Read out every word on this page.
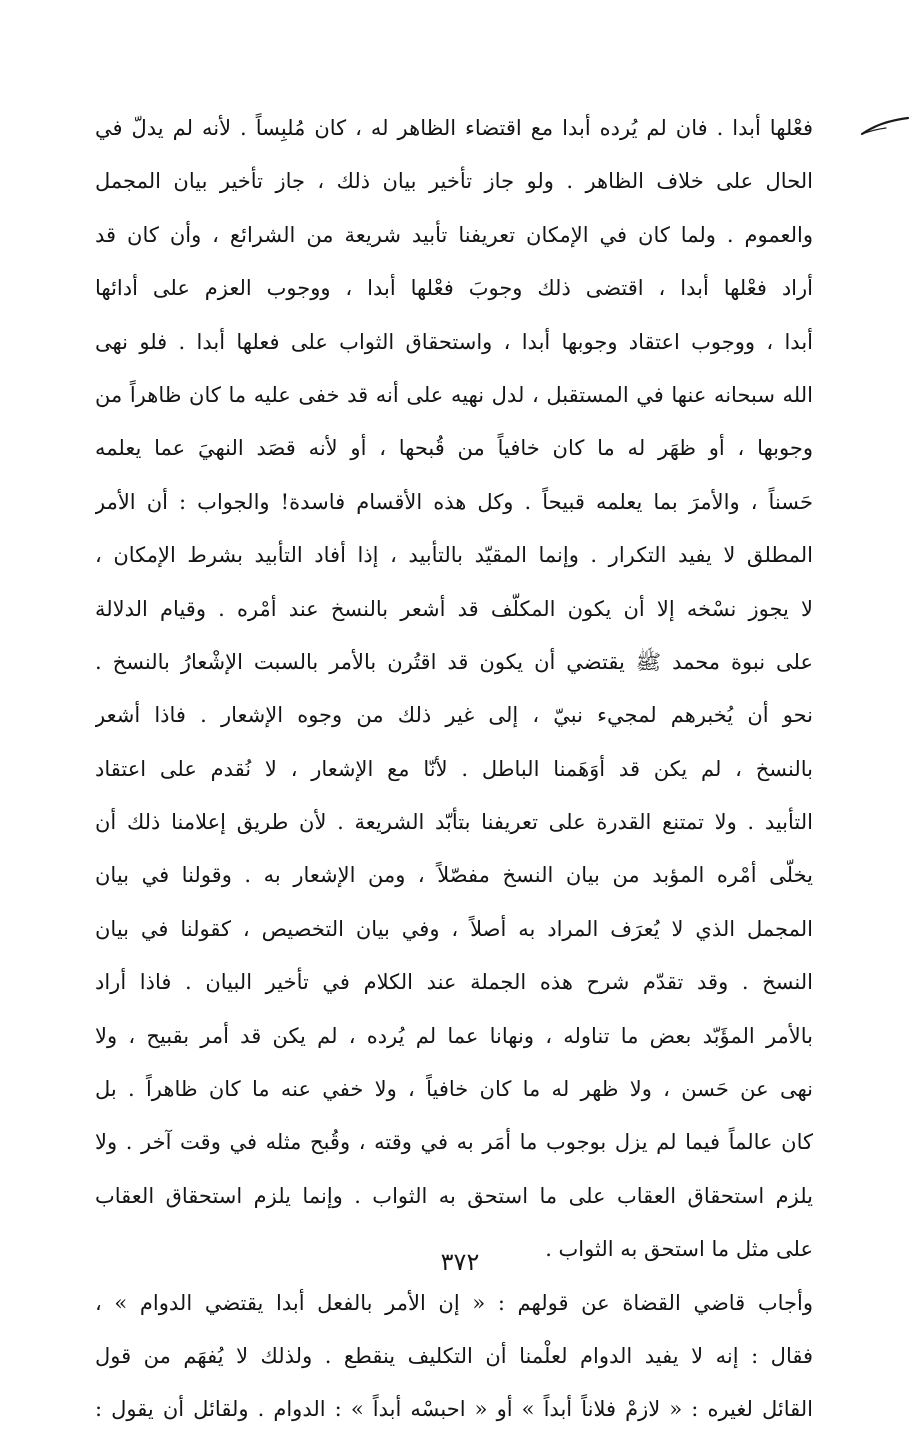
فعْلها أبدا . فان لم يُرده أبدا مع اقتضاء الظاهر له ، كان مُلبِساً . لأنه لم يدلّ في
الحال على خلاف الظاهر . ولو جاز تأخير بيان ذلك ، جاز تأخير بيان المجمل
والعموم . ولما كان في الإمكان تعريفنا تأبيد شريعة من الشرائع ، وأن كان قد
أراد فعْلها أبدا ، اقتضى ذلك وجوبَ فعْلها أبدا ، ووجوب العزم على أدائها
أبدا ، ووجوب اعتقاد وجوبها أبدا ، واستحقاق الثواب على فعلها أبدا . فلو نهى
الله سبحانه عنها في المستقبل ، لدل نهيه على أنه قد خفى عليه ما كان ظاهراً من
وجوبها ، أو ظهَر له ما كان خافياً من قُبحها ، أو لأنه قصَد النهيَ عما يعلمه
حَسناً ، والأمرَ بما يعلمه قبيحاً . وكل هذه الأقسام فاسدة! والجواب : أن الأمر
المطلق لا يفيد التكرار . وإنما المقيّد بالتأبيد ، إذا أفاد التأبيد بشرط الإمكان ،
لا يجوز نسْخه إلا أن يكون المكلّف قد أشعر بالنسخ عند أمْره . وقيام الدلالة
على نبوة محمد ﷺ يقتضي أن يكون قد اقتُرن بالأمر بالسبت الإشْعارُ بالنسخ .
نحو أن يُخبرهم لمجيء نبيّ ، إلى غير ذلك من وجوه الإشعار . فاذا أشعر
بالنسخ ، لم يكن قد أوَهَمنا الباطل . لأنّا مع الإشعار ، لا نُقدم على اعتقاد
التأبيد . ولا تمتنع القدرة على تعريفنا بتأبّد الشريعة . لأن طريق إعلامنا ذلك أن
يخلّى أمْره المؤبد من بيان النسخ مفصّلاً ، ومن الإشعار به . وقولنا في بيان
المجمل الذي لا يُعرَف المراد به أصلاً ، وفي بيان التخصيص ، كقولنا في بيان
النسخ . وقد تقدّم شرح هذه الجملة عند الكلام في تأخير البيان . فاذا أراد
بالأمر المؤَبّد بعض ما تناوله ، ونهانا عما لم يُرده ، لم يكن قد أمر بقبيح ، ولا
نهى عن حَسن ، ولا ظهر له ما كان خافياً ، ولا خفي عنه ما كان ظاهراً . بل
كان عالماً فيما لم يزل بوجوب ما أمَر به في وقته ، وقُبح مثله في وقت آخر . ولا
يلزم استحقاق العقاب على ما استحق به الثواب . وإنما يلزم استحقاق العقاب
على مثل ما استحق به الثواب .
وأجاب قاضي القضاة عن قولهم : « إن الأمر بالفعل أبدا يقتضي الدوام » ،
فقال : إنه لا يفيد الدوام لعلْمنا أن التكليف ينقطع . ولذلك لا يُفهَم من قول
القائل لغيره : « لازمْ فلاناً أبداً » أو « احبسْه أبداً » : الدوام . ولقائل أن يقول :
٣٧٢
